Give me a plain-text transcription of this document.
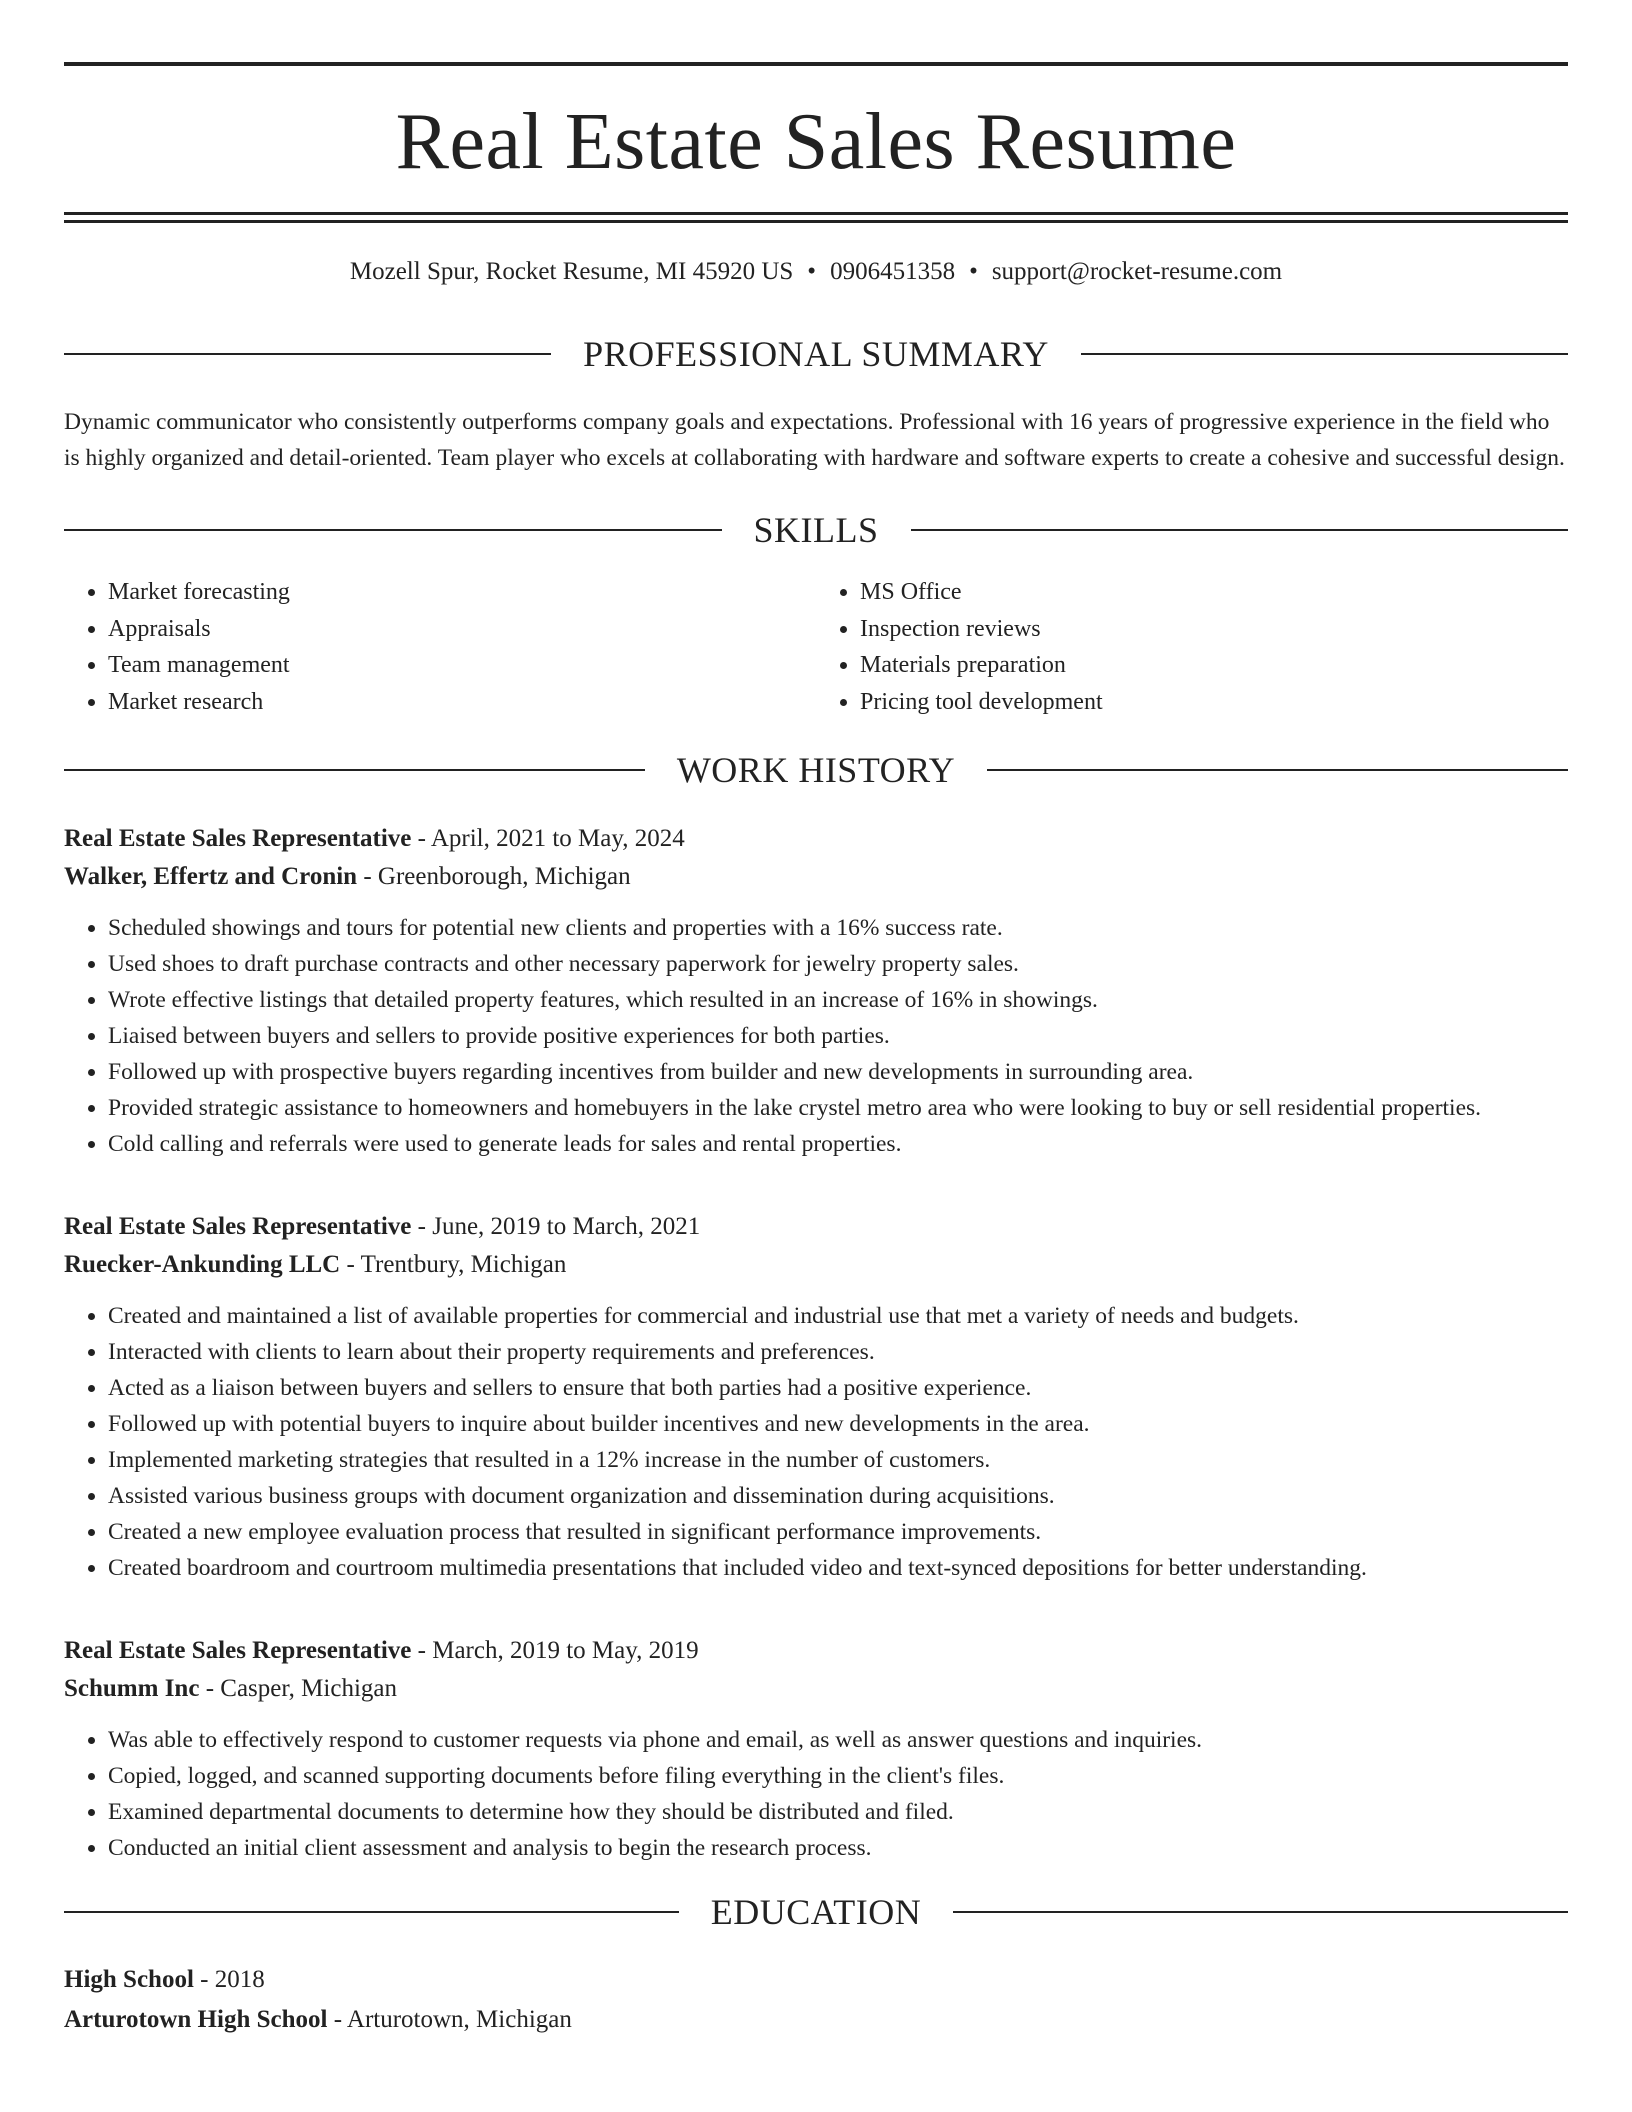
Real Estate Sales Resume
Mozell Spur, Rocket Resume, MI 45920 US • 0906451358 • support@rocket-resume.com
PROFESSIONAL SUMMARY
Dynamic communicator who consistently outperforms company goals and expectations. Professional with 16 years of progressive experience in the field who is highly organized and detail-oriented. Team player who excels at collaborating with hardware and software experts to create a cohesive and successful design.
SKILLS
• Market forecasting
• Appraisals
• Team management
• Market research
• MS Office
• Inspection reviews
• Materials preparation
• Pricing tool development
WORK HISTORY
Real Estate Sales Representative - April, 2021 to May, 2024
Walker, Effertz and Cronin - Greenborough, Michigan
• Scheduled showings and tours for potential new clients and properties with a 16% success rate.
• Used shoes to draft purchase contracts and other necessary paperwork for jewelry property sales.
• Wrote effective listings that detailed property features, which resulted in an increase of 16% in showings.
• Liaised between buyers and sellers to provide positive experiences for both parties.
• Followed up with prospective buyers regarding incentives from builder and new developments in surrounding area.
• Provided strategic assistance to homeowners and homebuyers in the lake crystel metro area who were looking to buy or sell residential properties.
• Cold calling and referrals were used to generate leads for sales and rental properties.
Real Estate Sales Representative - June, 2019 to March, 2021
Ruecker-Ankunding LLC - Trentbury, Michigan
• Created and maintained a list of available properties for commercial and industrial use that met a variety of needs and budgets.
• Interacted with clients to learn about their property requirements and preferences.
• Acted as a liaison between buyers and sellers to ensure that both parties had a positive experience.
• Followed up with potential buyers to inquire about builder incentives and new developments in the area.
• Implemented marketing strategies that resulted in a 12% increase in the number of customers.
• Assisted various business groups with document organization and dissemination during acquisitions.
• Created a new employee evaluation process that resulted in significant performance improvements.
• Created boardroom and courtroom multimedia presentations that included video and text-synced depositions for better understanding.
Real Estate Sales Representative - March, 2019 to May, 2019
Schumm Inc - Casper, Michigan
• Was able to effectively respond to customer requests via phone and email, as well as answer questions and inquiries.
• Copied, logged, and scanned supporting documents before filing everything in the client's files.
• Examined departmental documents to determine how they should be distributed and filed.
• Conducted an initial client assessment and analysis to begin the research process.
EDUCATION
High School - 2018
Arturotown High School - Arturotown, Michigan
